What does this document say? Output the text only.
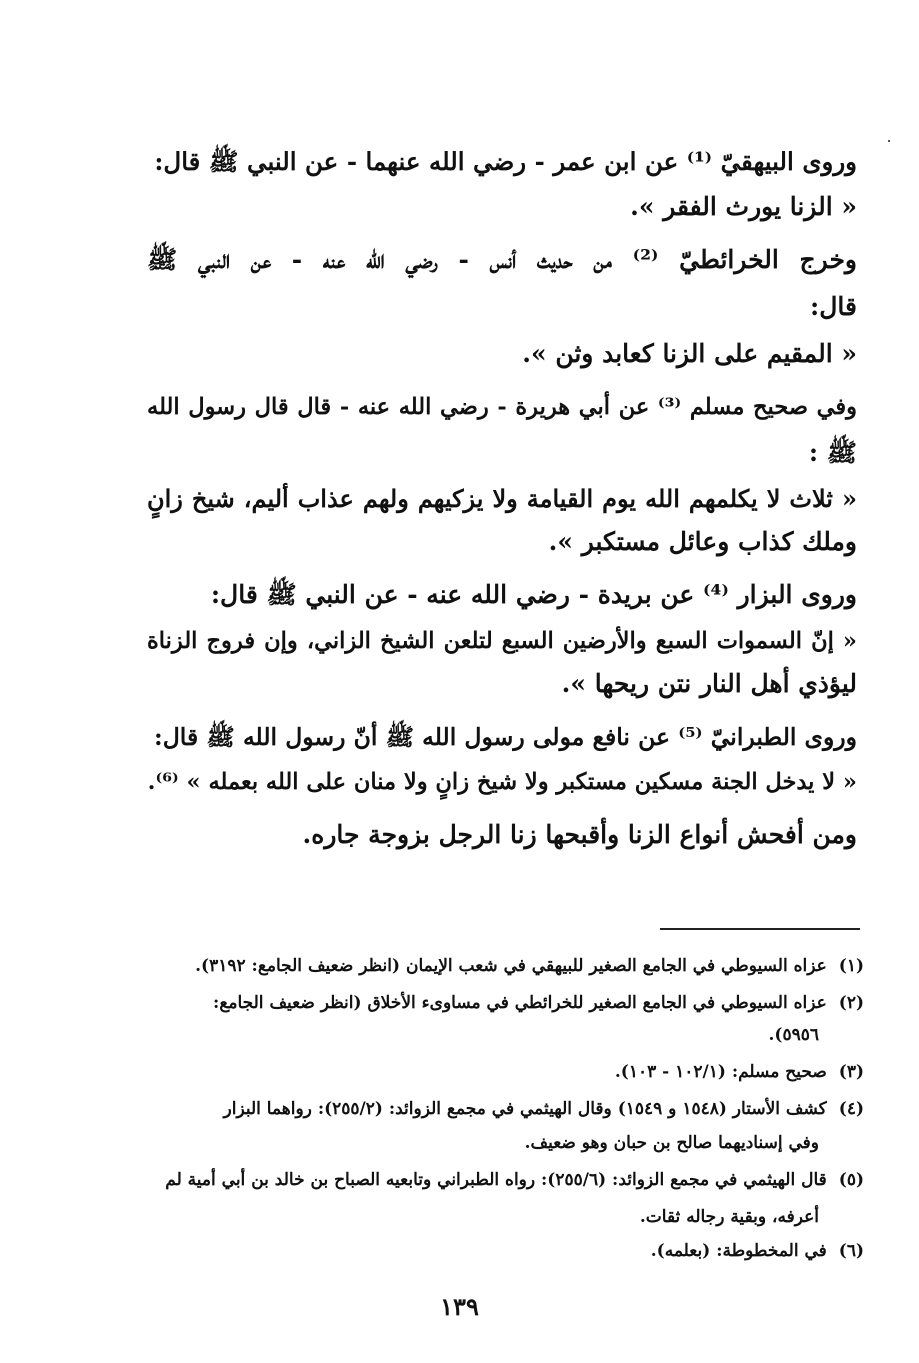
وروى البيهقيّ ⁽¹⁾ عن ابن عمر - رضي الله عنهما - عن النبي ﷺ قال:
« الزنا يورث الفقر ».
وخرج الخرائطيّ ⁽²⁾ من حديث أنس - رضي الله عنه - عن النبي ﷺ
قال:
« المقيم على الزنا كعابد وثن ».
وفي صحيح مسلم ⁽³⁾ عن أبي هريرة - رضي الله عنه - قال قال رسول الله
ﷺ :
« ثلاث لا يكلمهم الله يوم القيامة ولا يزكيهم ولهم عذاب أليم، شيخ زانٍ
وملك كذاب وعائل مستكبر ».
وروى البزار ⁽⁴⁾ عن بريدة - رضي الله عنه - عن النبي ﷺ قال:
« إنّ السموات السبع والأرضين السبع لتلعن الشيخ الزاني، وإن فروج الزناة
ليؤذي أهل النار نتن ريحها ».
وروى الطبرانيّ ⁽⁵⁾ عن نافع مولى رسول الله ﷺ أنّ رسول الله ﷺ قال:
« لا يدخل الجنة مسكين مستكبر ولا شيخ زانٍ ولا منان على الله بعمله » ⁽⁶⁾.
ومن أفحش أنواع الزنا وأقبحها زنا الرجل بزوجة جاره.
(١)عزاه السيوطي في الجامع الصغير للبيهقي في شعب الإيمان (انظر ضعيف الجامع: ٣١٩٢).
(٢)عزاه السيوطي في الجامع الصغير للخرائطي في مساوىء الأخلاق (انظر ضعيف الجامع:
٥٩٥٦).
(٣)صحيح مسلم: (١٠٢/١ - ١٠٣).
(٤)كشف الأستار (١٥٤٨ و ١٥٤٩) وقال الهيثمي في مجمع الزوائد: (٢٥٥/٢): رواهما البزار
وفي إسناديهما صالح بن حبان وهو ضعيف.
(٥)قال الهيثمي في مجمع الزوائد: (٢٥٥/٦): رواه الطبراني وتابعيه الصباح بن خالد بن أبي أمية لم
أعرفه، وبقية رجاله ثقات.
(٦)في المخطوطة: (بعلمه).
١٣٩
